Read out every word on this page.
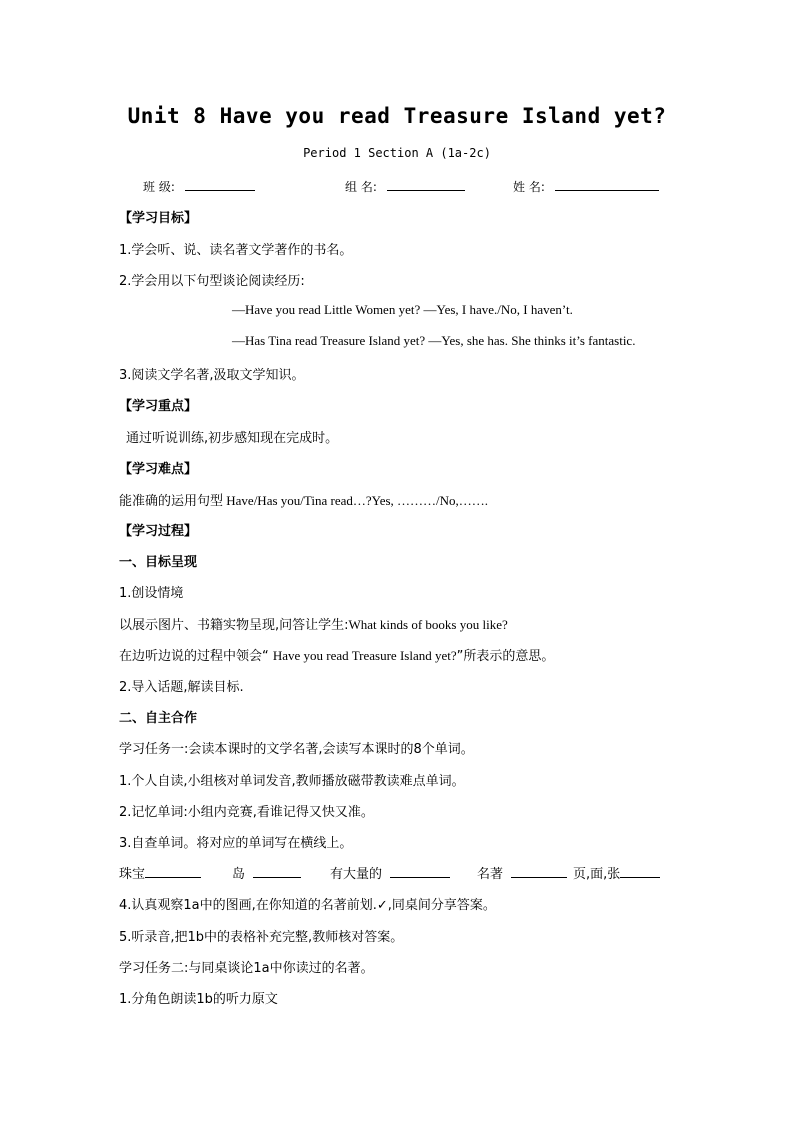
Unit 8 Have you read Treasure Island yet?
Period 1 Section A (1a-2c)
班 级:	组 名:	姓 名:
【学习目标】
1.学会听、说、读名著文学著作的书名。
2.学会用以下句型谈论阅读经历:
—Have you read Little Women yet? —Yes, I have./No, I haven’t.
—Has Tina read Treasure Island yet? —Yes, she has. She thinks it’s fantastic.
3.阅读文学名著,汲取文学知识。
【学习重点】
通过听说训练,初步感知现在完成时。
【学习难点】
能准确的运用句型 Have/Has you/Tina read…?Yes, ………/No,…….
【学习过程】
一、目标呈现
1.创设情境
以展示图片、书籍实物呈现,问答让学生:What kinds of books you like?
在边听边说的过程中领会“ Have you read Treasure Island yet?”所表示的意思。
2.导入话题,解读目标.
二、自主合作
学习任务一:会读本课时的文学名著,会读写本课时的8个单词。
1.个人自读,小组核对单词发音,教师播放磁带教读难点单词。
2.记忆单词:小组内竞赛,看谁记得又快又准。
3.自查单词。将对应的单词写在横线上。
珠宝	岛	有大量的	名著	页,面,张
4.认真观察1a中的图画,在你知道的名著前划.✓,同桌间分享答案。
5.听录音,把1b中的表格补充完整,教师核对答案。
学习任务二:与同桌谈论1a中你读过的名著。
1.分角色朗读1b的听力原文
